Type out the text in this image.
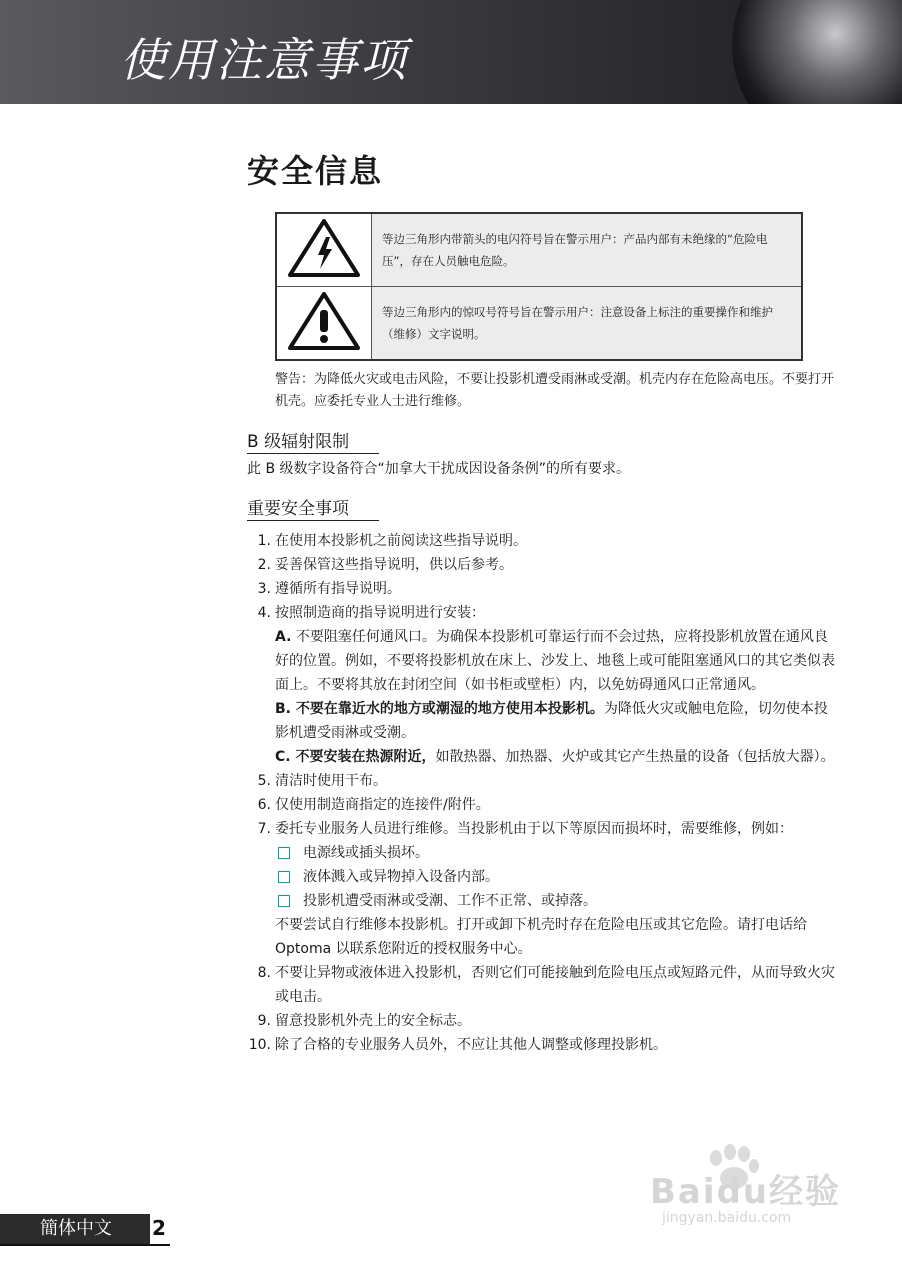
使用注意事项
安全信息
	等边三角形内带箭头的电闪符号旨在警示用户：产品内部有未绝缘的“危险电压”，存在人员触电危险。
	等边三角形内的惊叹号符号旨在警示用户：注意设备上标注的重要操作和维护（维修）文字说明。
警告：为降低火灾或电击风险，不要让投影机遭受雨淋或受潮。机壳内存在危险高电压。不要打开机壳。应委托专业人士进行维修。
B 级辐射限制
此 B 级数字设备符合“加拿大干扰成因设备条例”的所有要求。
重要安全事项
1. 在使用本投影机之前阅读这些指导说明。
2. 妥善保管这些指导说明，供以后参考。
3. 遵循所有指导说明。
4. 按照制造商的指导说明进行安装：
A. 不要阻塞任何通风口。为确保本投影机可靠运行而不会过热，应将投影机放置在通风良好的位置。例如，不要将投影机放在床上、沙发上、地毯上或可能阻塞通风口的其它类似表面上。不要将其放在封闭空间（如书柜或壁柜）内，以免妨碍通风口正常通风。
B. 不要在靠近水的地方或潮湿的地方使用本投影机。为降低火灾或触电危险，切勿使本投影机遭受雨淋或受潮。
C. 不要安装在热源附近，如散热器、加热器、火炉或其它产生热量的设备（包括放大器）。
5. 清洁时使用干布。
6. 仅使用制造商指定的连接件/附件。
7. 委托专业服务人员进行维修。当投影机由于以下等原因而损坏时，需要维修，例如：
电源线或插头损坏。
液体溅入或异物掉入设备内部。
投影机遭受雨淋或受潮、工作不正常、或掉落。
不要尝试自行维修本投影机。打开或卸下机壳时存在危险电压或其它危险。请打电话给 Optoma 以联系您附近的授权服务中心。
8. 不要让异物或液体进入投影机，否则它们可能接触到危险电压点或短路元件，从而导致火灾或电击。
9. 留意投影机外壳上的安全标志。
10. 除了合格的专业服务人员外，不应让其他人调整或修理投影机。
Baidu经验
jingyan.baidu.com
簡体中文	2
